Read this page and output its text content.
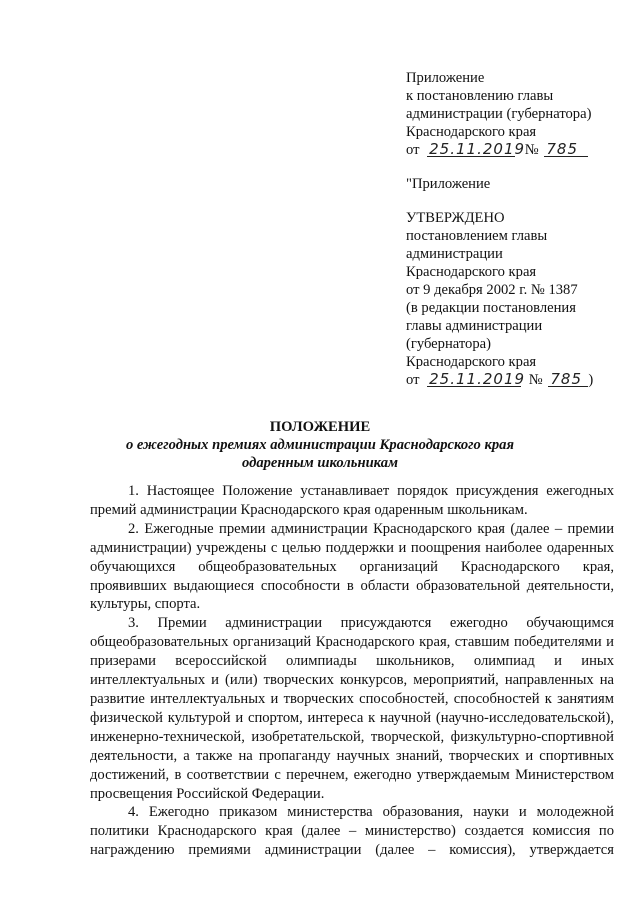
Приложение
к постановлению главы
администрации (губернатора)
Краснодарского края
от 25.11.2019 № 785
"Приложение
УТВЕРЖДЕНО
постановлением главы
администрации
Краснодарского края
от 9 декабря 2002 г. № 1387
(в редакции постановления
главы администрации
(губернатора)
Краснодарского края
от 25.11.2019 № 785 )
ПОЛОЖЕНИЕ
о ежегодных премиях администрации Краснодарского края
одаренным школьникам

1. Настоящее Положение устанавливает порядок присуждения ежегодных премий администрации Краснодарского края одаренным школьникам.

2. Ежегодные премии администрации Краснодарского края (далее – премии администрации) учреждены с целью поддержки и поощрения наиболее одаренных обучающихся общеобразовательных организаций Краснодарского края, проявивших выдающиеся способности в области образовательной деятельности, культуры, спорта.

3. Премии администрации присуждаются ежегодно обучающимся общеобразовательных организаций Краснодарского края, ставшим победителями и призерами всероссийской олимпиады школьников, олимпиад и иных интеллектуальных и (или) творческих конкурсов, мероприятий, направленных на развитие интеллектуальных и творческих способностей, способностей к занятиям физической культурой и спортом, интереса к научной (научно-исследовательской), инженерно-технической, изобретательской, творческой, физкультурно-спортивной деятельности, а также на пропаганду научных знаний, творческих и спортивных достижений, в соответствии с перечнем, ежегодно утверждаемым Министерством просвещения Российской Федерации.

4. Ежегодно приказом министерства образования, науки и молодежной политики Краснодарского края (далее – министерство) создается комиссия по награждению премиями администрации (далее – комиссия), утверждается
